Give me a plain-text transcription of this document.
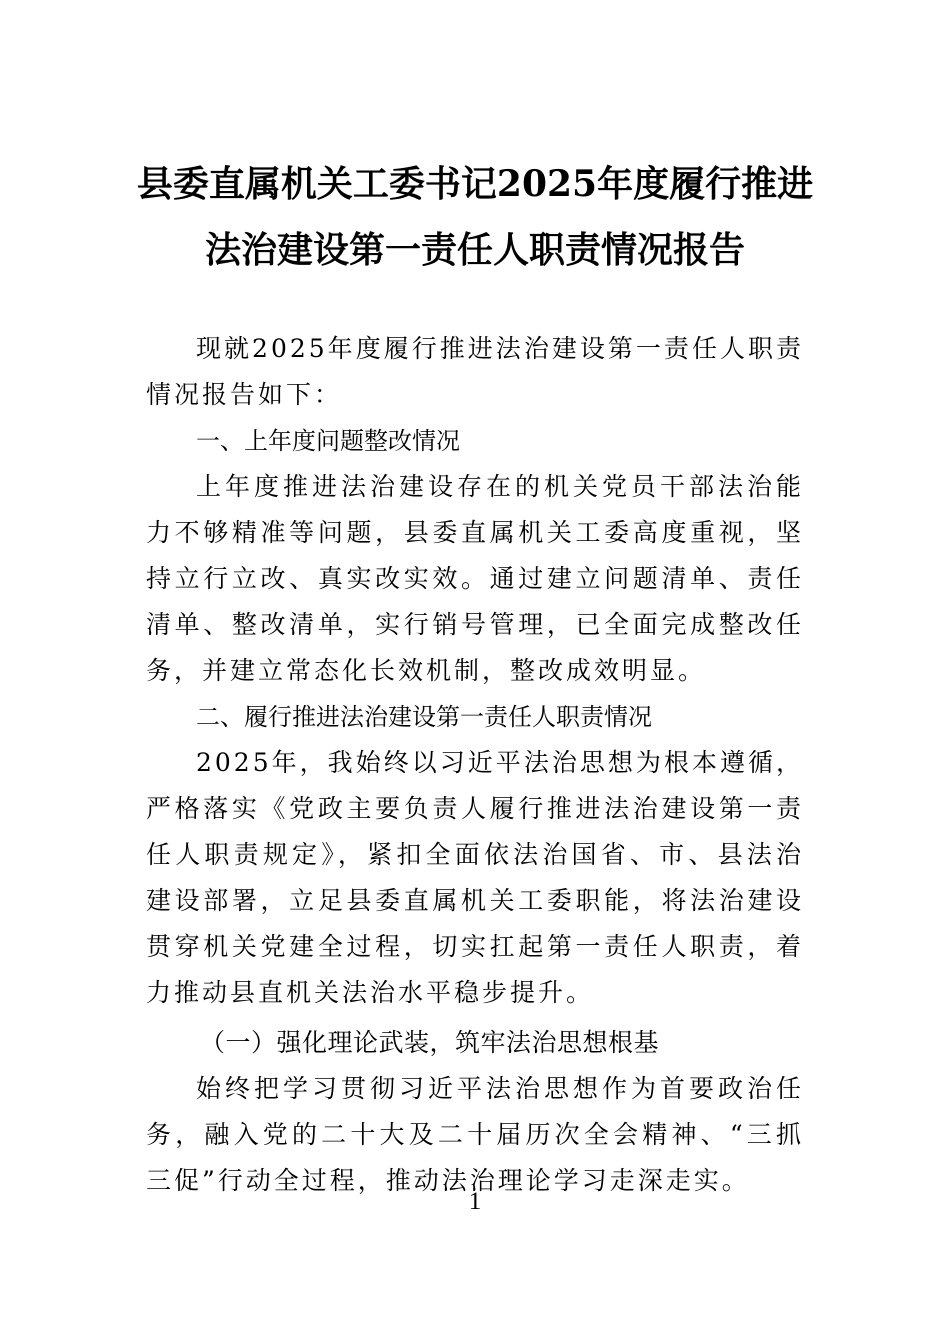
县委直属机关工委书记2025年度履行推进
法治建设第一责任人职责情况报告

现就2025年度履行推进法治建设第一责任人职责情况报告如下：

一、上年度问题整改情况

上年度推进法治建设存在的机关党员干部法治能力不够精准等问题，县委直属机关工委高度重视，坚持立行立改、真实改实效。通过建立问题清单、责任清单、整改清单，实行销号管理，已全面完成整改任务，并建立常态化长效机制，整改成效明显。

二、履行推进法治建设第一责任人职责情况

2025年，我始终以习近平法治思想为根本遵循，严格落实《党政主要负责人履行推进法治建设第一责任人职责规定》，紧扣全面依法治国省、市、县法治建设部署，立足县委直属机关工委职能，将法治建设贯穿机关党建全过程，切实扛起第一责任人职责，着力推动县直机关法治水平稳步提升。

（一）强化理论武装，筑牢法治思想根基

始终把学习贯彻习近平法治思想作为首要政治任务，融入党的二十大及二十届历次全会精神、“三抓三促”行动全过程，推动法治理论学习走深走实。

1
